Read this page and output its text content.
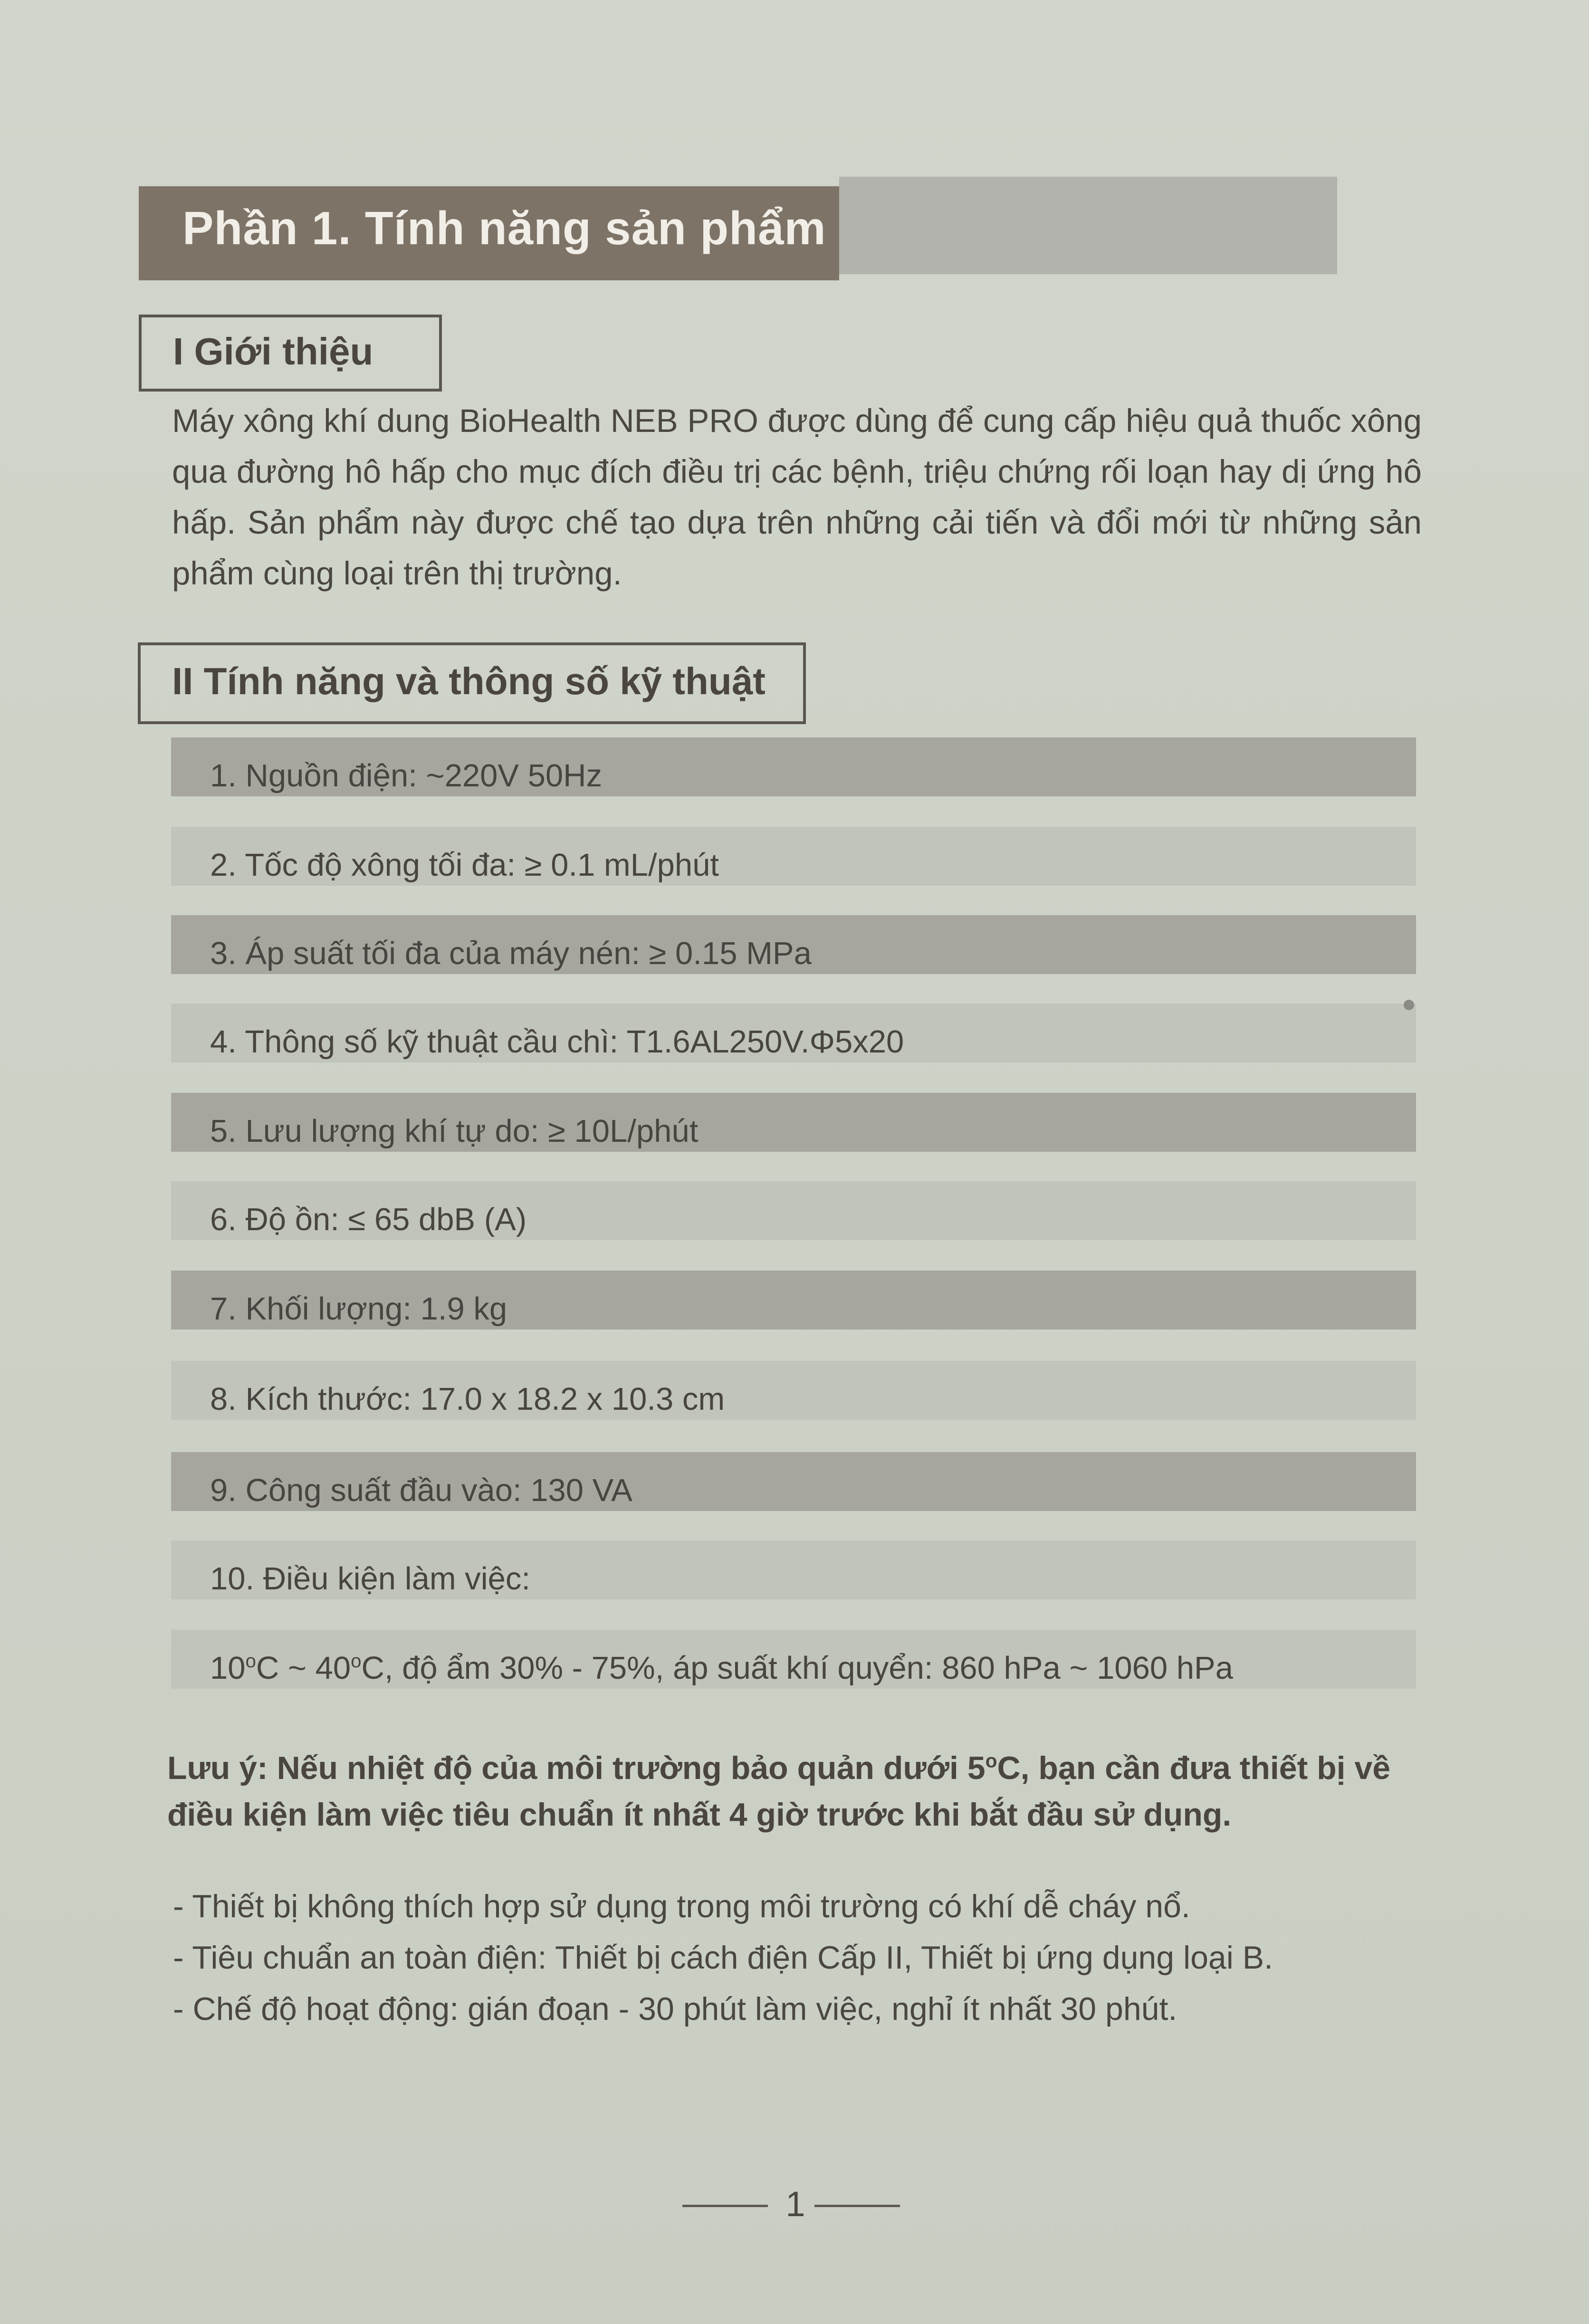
Phần 1. Tính năng sản phẩm
I Giới thiệu

Máy xông khí dung BioHealth NEB PRO được dùng để cung cấp hiệu quả thuốc xông qua đường hô hấp cho mục đích điều trị các bệnh, triệu chứng rối loạn hay dị ứng hô hấp. Sản phẩm này được chế tạo dựa trên những cải tiến và đổi mới từ những sản phẩm cùng loại trên thị trường.

II Tính năng và thông số kỹ thuật
1. Nguồn điện: ~220V 50Hz
2. Tốc độ xông tối đa: ≥ 0.1 mL/phút
3. Áp suất tối đa của máy nén: ≥ 0.15 MPa
4. Thông số kỹ thuật cầu chì: T1.6AL250V.Φ5x20
5. Lưu lượng khí tự do: ≥ 10L/phút
6. Độ ồn: ≤ 65 dbB (A)
7. Khối lượng: 1.9 kg
8. Kích thước: 17.0 x 18.2 x 10.3 cm
9. Công suất đầu vào: 130 VA
10. Điều kiện làm việc:
10$^o$C ~ 40$^o$C, độ ẩm 30% - 75%, áp suất khí quyển: 860 hPa ~ 1060 hPa

Lưu ý: Nếu nhiệt độ của môi trường bảo quản dưới 5$^o$C, bạn cần đưa thiết bị về điều kiện làm việc tiêu chuẩn ít nhất 4 giờ trước khi bắt đầu sử dụng.

- Thiết bị không thích hợp sử dụng trong môi trường có khí dễ cháy nổ.
- Tiêu chuẩn an toàn điện: Thiết bị cách điện Cấp II, Thiết bị ứng dụng loại B.
- Chế độ hoạt động: gián đoạn - 30 phút làm việc, nghỉ ít nhất 30 phút.
1
